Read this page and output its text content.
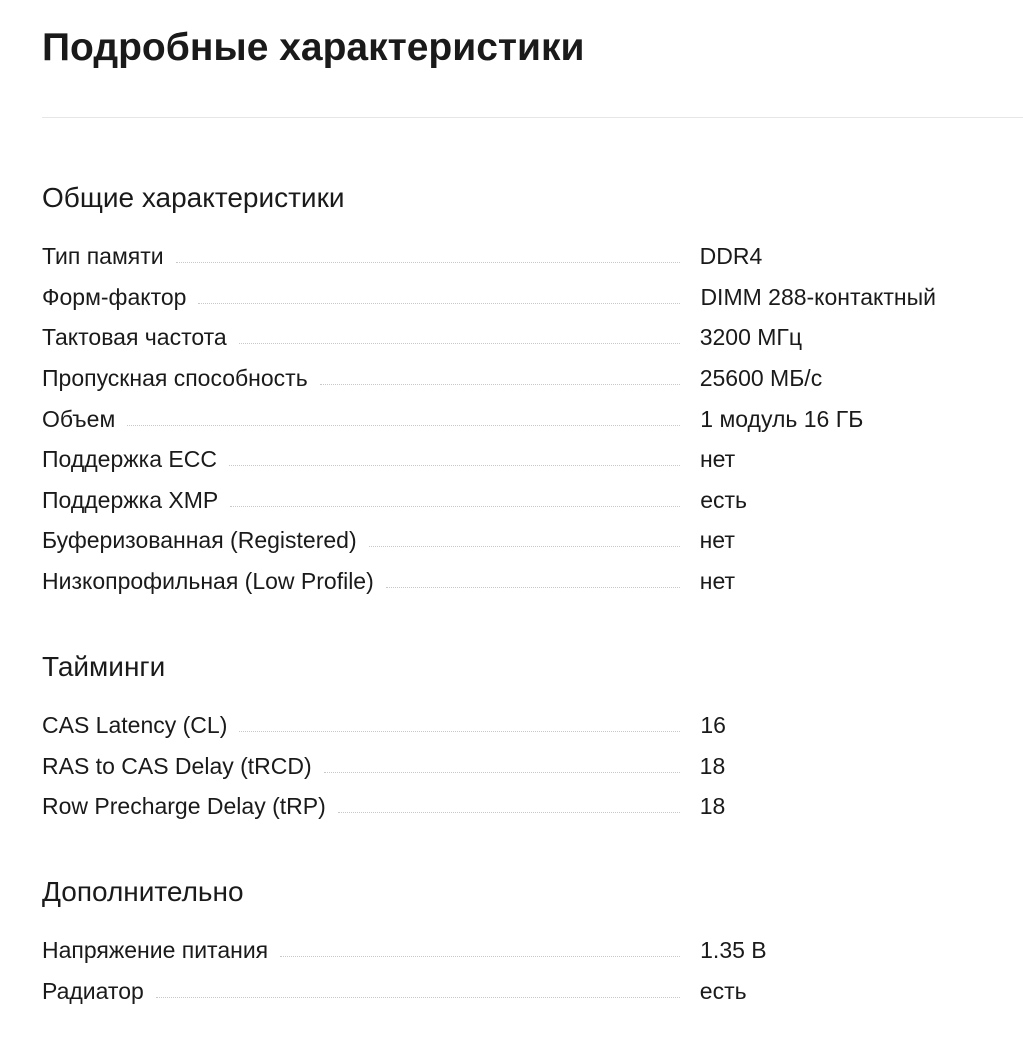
Подробные характеристики
Общие характеристики
Тип памяти	DDR4
Форм-фактор	DIMM 288-контактный
Тактовая частота	3200 МГц
Пропускная способность	25600 МБ/с
Объем	1 модуль 16 ГБ
Поддержка ECC	нет
Поддержка XMP	есть
Буферизованная (Registered)	нет
Низкопрофильная (Low Profile)	нет
Тайминги
CAS Latency (CL)	16
RAS to CAS Delay (tRCD)	18
Row Precharge Delay (tRP)	18
Дополнительно
Напряжение питания	1.35 В
Радиатор	есть
